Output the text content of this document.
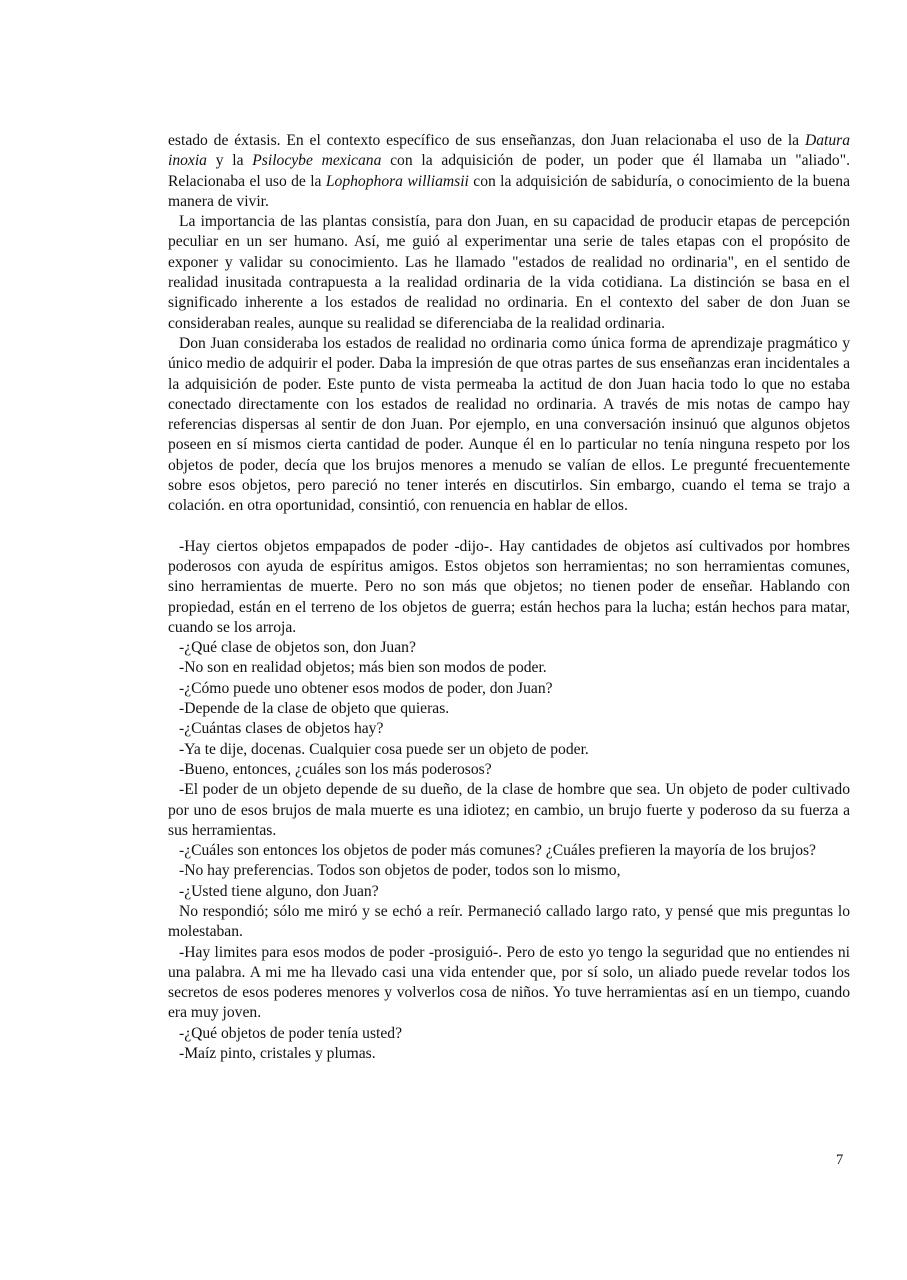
estado de éxtasis. En el contexto específico de sus enseñanzas, don Juan relacionaba el uso de la Datura inoxia y la Psilocybe mexicana con la adquisición de poder, un poder que él llamaba un "aliado". Relacionaba el uso de la Lophophora williamsii con la adquisición de sabiduría, o conocimiento de la buena manera de vivir.

La importancia de las plantas consistía, para don Juan, en su capacidad de producir etapas de percepción peculiar en un ser humano. Así, me guió al experimentar una serie de tales etapas con el propósito de exponer y validar su conocimiento. Las he llamado "estados de realidad no ordinaria", en el sentido de realidad inusitada contrapuesta a la realidad ordinaria de la vida cotidiana. La distinción se basa en el significado inherente a los estados de realidad no ordinaria. En el contexto del saber de don Juan se consideraban reales, aunque su realidad se diferenciaba de la realidad ordinaria.

Don Juan consideraba los estados de realidad no ordinaria como única forma de aprendizaje pragmático y único medio de adquirir el poder. Daba la impresión de que otras partes de sus enseñanzas eran incidentales a la adquisición de poder. Este punto de vista permeaba la actitud de don Juan hacia todo lo que no estaba conectado directamente con los estados de realidad no ordinaria. A través de mis notas de campo hay referencias dispersas al sentir de don Juan. Por ejemplo, en una conversación insinuó que algunos objetos poseen en sí mismos cierta cantidad de poder. Aunque él en lo particular no tenía ninguna respeto por los objetos de poder, decía que los brujos menores a menudo se valían de ellos. Le pregunté frecuentemente sobre esos objetos, pero pareció no tener interés en discutirlos. Sin embargo, cuando el tema se trajo a colación. en otra oportunidad, consintió, con renuencia en hablar de ellos.

-Hay ciertos objetos empapados de poder -dijo-. Hay cantidades de objetos así cultivados por hombres poderosos con ayuda de espíritus amigos. Estos objetos son herramientas; no son herramientas comunes, sino herramientas de muerte. Pero no son más que objetos; no tienen poder de enseñar. Hablando con propiedad, están en el terreno de los objetos de guerra; están hechos para la lucha; están hechos para matar, cuando se los arroja.

-¿Qué clase de objetos son, don Juan?

-No son en realidad objetos; más bien son modos de poder.

-¿Cómo puede uno obtener esos modos de poder, don Juan?

-Depende de la clase de objeto que quieras.

-¿Cuántas clases de objetos hay?

-Ya te dije, docenas. Cualquier cosa puede ser un objeto de poder.

-Bueno, entonces, ¿cuáles son los más poderosos?

-El poder de un objeto depende de su dueño, de la clase de hombre que sea. Un objeto de poder cultivado por uno de esos brujos de mala muerte es una idiotez; en cambio, un brujo fuerte y poderoso da su fuerza a sus herramientas.

-¿Cuáles son entonces los objetos de poder más comunes? ¿Cuáles prefieren la mayoría de los brujos?

-No hay preferencias. Todos son objetos de poder, todos son lo mismo,

-¿Usted tiene alguno, don Juan?

No respondió; sólo me miró y se echó a reír. Permaneció callado largo rato, y pensé que mis preguntas lo molestaban.

-Hay limites para esos modos de poder -prosiguió-. Pero de esto yo tengo la seguridad que no entiendes ni una palabra. A mi me ha llevado casi una vida entender que, por sí solo, un aliado puede revelar todos los secretos de esos poderes menores y volverlos cosa de niños. Yo tuve herramientas así en un tiempo, cuando era muy joven.

-¿Qué objetos de poder tenía usted?

-Maíz pinto, cristales y plumas.

7
